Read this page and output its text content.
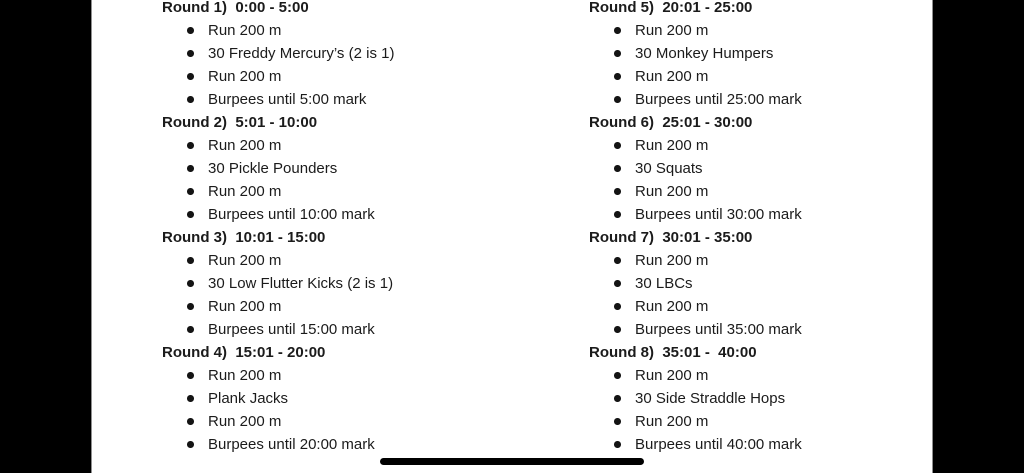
Round 1)  0:00 - 5:00
Run 200 m
30 Freddy Mercury’s (2 is 1)
Run 200 m
Burpees until 5:00 mark
Round 2)  5:01 - 10:00
Run 200 m
30 Pickle Pounders
Run 200 m
Burpees until 10:00 mark
Round 3)  10:01 - 15:00
Run 200 m
30 Low Flutter Kicks (2 is 1)
Run 200 m
Burpees until 15:00 mark
Round 4)  15:01 - 20:00
Run 200 m
Plank Jacks
Run 200 m
Burpees until 20:00 mark
Round 5)  20:01 - 25:00
Run 200 m
30 Monkey Humpers
Run 200 m
Burpees until 25:00 mark
Round 6)  25:01 - 30:00
Run 200 m
30 Squats
Run 200 m
Burpees until 30:00 mark
Round 7)  30:01 - 35:00
Run 200 m
30 LBCs
Run 200 m
Burpees until 35:00 mark
Round 8)  35:01 -  40:00
Run 200 m
30 Side Straddle Hops
Run 200 m
Burpees until 40:00 mark
